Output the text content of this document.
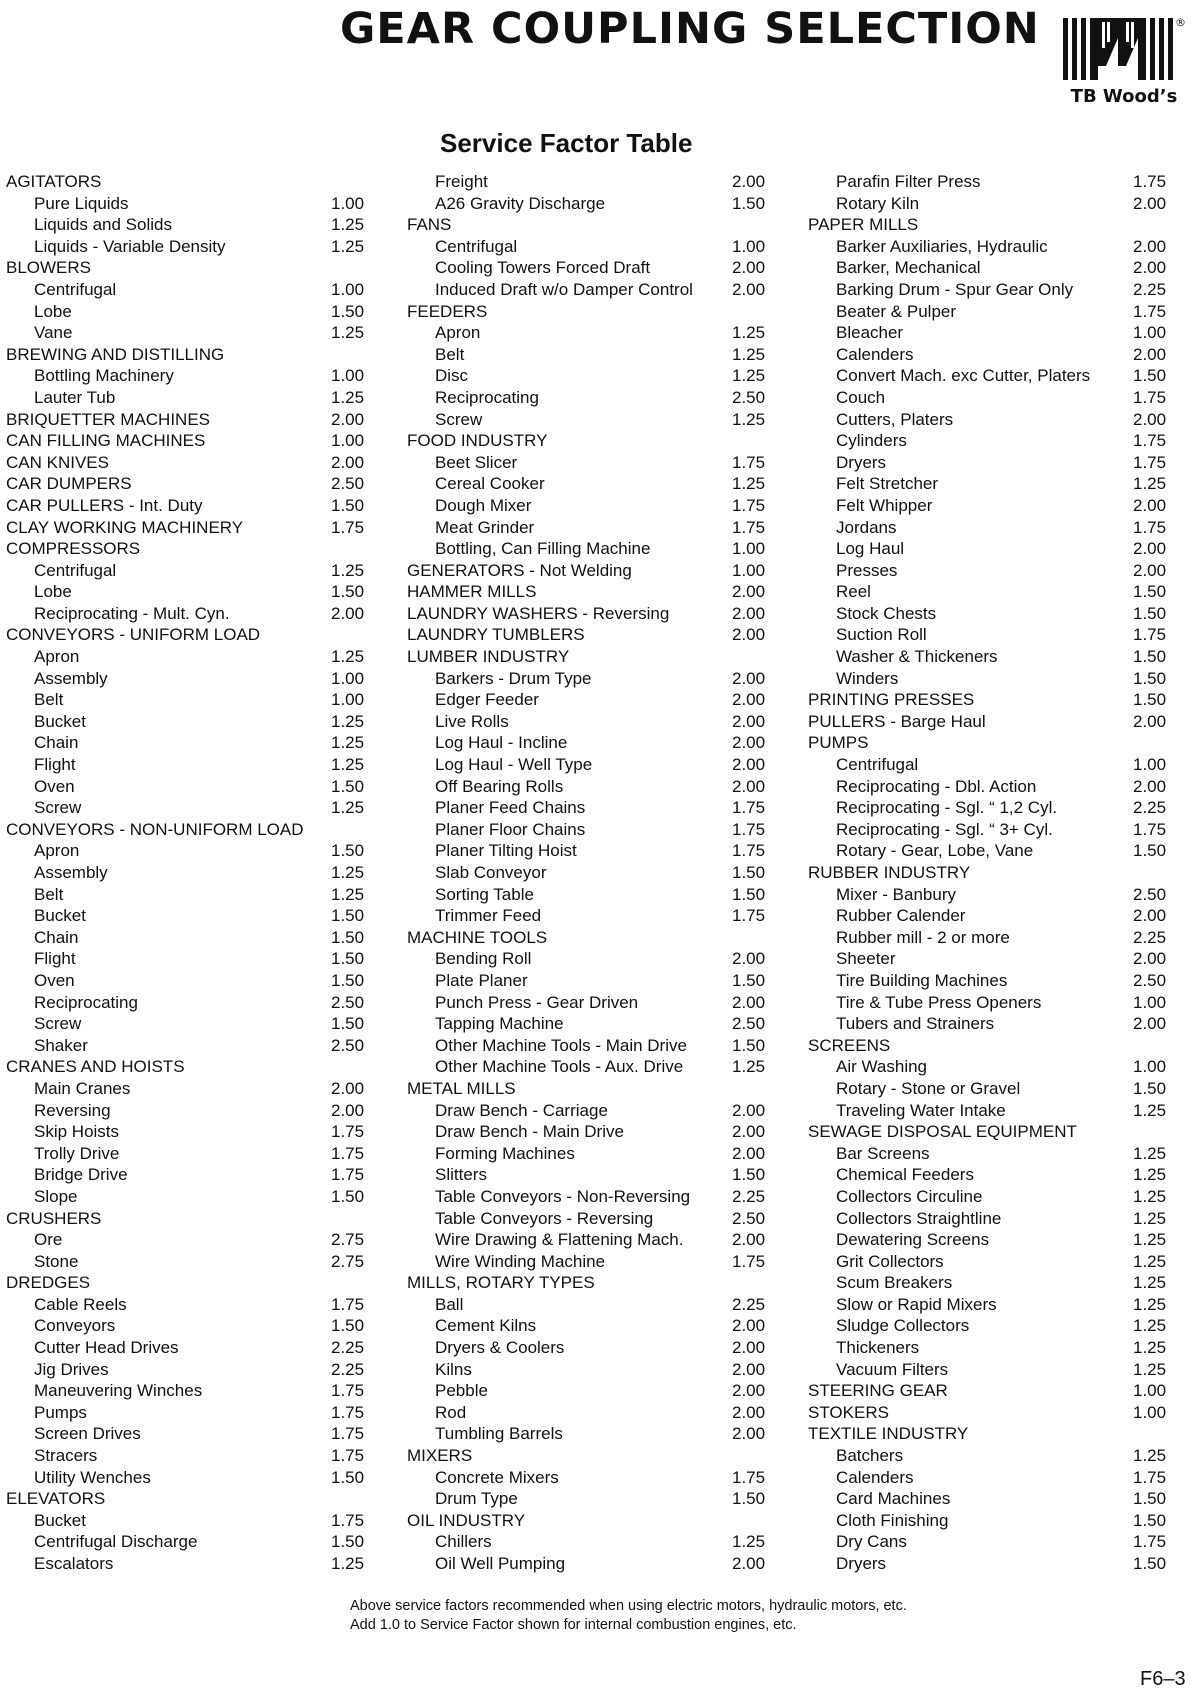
GEAR COUPLING SELECTION	®
TB Wood’s
Service Factor Table
AGITATORS
Pure Liquids	1.00
Liquids and Solids	1.25
Liquids - Variable Density	1.25
BLOWERS
Centrifugal	1.00
Lobe	1.50
Vane	1.25
BREWING AND DISTILLING
Bottling Machinery	1.00
Lauter Tub	1.25
BRIQUETTER MACHINES	2.00
CAN FILLING MACHINES	1.00
CAN KNIVES	2.00
CAR DUMPERS	2.50
CAR PULLERS - Int. Duty	1.50
CLAY WORKING MACHINERY	1.75
COMPRESSORS
Centrifugal	1.25
Lobe	1.50
Reciprocating - Mult. Cyn.	2.00
CONVEYORS - UNIFORM LOAD
Apron	1.25
Assembly	1.00
Belt	1.00
Bucket	1.25
Chain	1.25
Flight	1.25
Oven	1.50
Screw	1.25
CONVEYORS - NON-UNIFORM LOAD
Apron	1.50
Assembly	1.25
Belt	1.25
Bucket	1.50
Chain	1.50
Flight	1.50
Oven	1.50
Reciprocating	2.50
Screw	1.50
Shaker	2.50
CRANES AND HOISTS
Main Cranes	2.00
Reversing	2.00
Skip Hoists	1.75
Trolly Drive	1.75
Bridge Drive	1.75
Slope	1.50
CRUSHERS
Ore	2.75
Stone	2.75
DREDGES
Cable Reels	1.75
Conveyors	1.50
Cutter Head Drives	2.25
Jig Drives	2.25
Maneuvering Winches	1.75
Pumps	1.75
Screen Drives	1.75
Stracers	1.75
Utility Wenches	1.50
ELEVATORS
Bucket	1.75
Centrifugal Discharge	1.50
Escalators	1.25
Freight	2.00
A26 Gravity Discharge	1.50
FANS
Centrifugal	1.00
Cooling Towers Forced Draft	2.00
Induced Draft w/o Damper Control 2.00
FEEDERS
Apron	1.25
Belt	1.25
Disc	1.25
Reciprocating	2.50
Screw	1.25
FOOD INDUSTRY
Beet Slicer	1.75
Cereal Cooker	1.25
Dough Mixer	1.75
Meat Grinder	1.75
Bottling, Can Filling Machine	1.00
GENERATORS - Not Welding	1.00
HAMMER MILLS	2.00
LAUNDRY WASHERS - Reversing	2.00
LAUNDRY TUMBLERS	2.00
LUMBER INDUSTRY
Barkers - Drum Type	2.00
Edger Feeder	2.00
Live Rolls	2.00
Log Haul - Incline	2.00
Log Haul - Well Type	2.00
Off Bearing Rolls	2.00
Planer Feed Chains	1.75
Planer Floor Chains	1.75
Planer Tilting Hoist	1.75
Slab Conveyor	1.50
Sorting Table	1.50
Trimmer Feed	1.75
MACHINE TOOLS
Bending Roll	2.00
Plate Planer	1.50
Punch Press - Gear Driven	2.00
Tapping Machine	2.50
Other Machine Tools - Main Drive	1.50
Other Machine Tools - Aux. Drive	1.25
METAL MILLS
Draw Bench - Carriage	2.00
Draw Bench - Main Drive	2.00
Forming Machines	2.00
Slitters	1.50
Table Conveyors - Non-Reversing 2.25
Table Conveyors - Reversing	2.50
Wire Drawing & Flattening Mach.	2.00
Wire Winding Machine	1.75
MILLS, ROTARY TYPES
Ball	2.25
Cement Kilns	2.00
Dryers & Coolers	2.00
Kilns	2.00
Pebble	2.00
Rod	2.00
Tumbling Barrels	2.00
MIXERS
Concrete Mixers	1.75
Drum Type	1.50
OIL INDUSTRY
Chillers	1.25
Oil Well Pumping	2.00
Parafin Filter Press	1.75
Rotary Kiln	2.00
PAPER MILLS
Barker Auxiliaries, Hydraulic	2.00
Barker, Mechanical	2.00
Barking Drum - Spur Gear Only	2.25
Beater & Pulper	1.75
Bleacher	1.00
Calenders	2.00
Convert Mach. exc Cutter, Platers	1.50
Couch	1.75
Cutters, Platers	2.00
Cylinders	1.75
Dryers	1.75
Felt Stretcher	1.25
Felt Whipper	2.00
Jordans	1.75
Log Haul	2.00
Presses	2.00
Reel	1.50
Stock Chests	1.50
Suction Roll	1.75
Washer & Thickeners	1.50
Winders	1.50
PRINTING PRESSES	1.50
PULLERS - Barge Haul	2.00
PUMPS
Centrifugal	1.00
Reciprocating - Dbl. Action	2.00
Reciprocating - Sgl. “ 1,2 Cyl.	2.25
Reciprocating - Sgl. “ 3+ Cyl.	1.75
Rotary - Gear, Lobe, Vane	1.50
RUBBER INDUSTRY
Mixer - Banbury	2.50
Rubber Calender	2.00
Rubber mill - 2 or more	2.25
Sheeter	2.00
Tire Building Machines	2.50
Tire & Tube Press Openers	1.00
Tubers and Strainers	2.00
SCREENS
Air Washing	1.00
Rotary - Stone or Gravel	1.50
Traveling Water Intake	1.25
SEWAGE DISPOSAL EQUIPMENT
Bar Screens	1.25
Chemical Feeders	1.25
Collectors Circuline	1.25
Collectors Straightline	1.25
Dewatering Screens	1.25
Grit Collectors	1.25
Scum Breakers	1.25
Slow or Rapid Mixers	1.25
Sludge Collectors	1.25
Thickeners	1.25
Vacuum Filters	1.25
STEERING GEAR	1.00
STOKERS	1.00
TEXTILE INDUSTRY
Batchers	1.25
Calenders	1.75
Card Machines	1.50
Cloth Finishing	1.50
Dry Cans	1.75
Dryers	1.50
Above service factors recommended when using electric motors, hydraulic motors, etc.
Add 1.0 to Service Factor shown for internal combustion engines, etc.
F6–3
